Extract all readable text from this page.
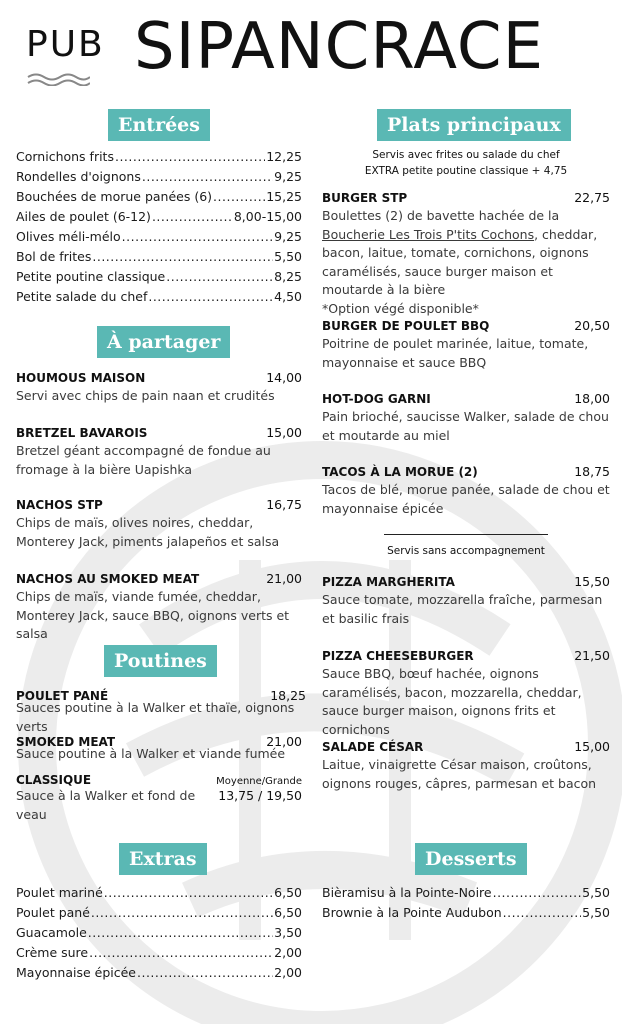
PUB SIPANCRACE
Entrées
Cornichons frits .....	12,25
Rondelles d'oignons .....	9,25
Bouchées de morue panées (6) .....	15,25
Ailes de poulet (6-12) .....	8,00-15,00
Olives méli-mélo .....	9,25
Bol de frites .....	5,50
Petite poutine classique .....	8,25
Petite salade du chef .....	4,50
À partager
HOUMOUS MAISON	14,00
Servi avec chips de pain naan et crudités
BRETZEL BAVAROIS	15,00
Bretzel géant accompagné de fondue au fromage à la bière Uapishka
NACHOS STP	16,75
Chips de maïs, olives noires, cheddar, Monterey Jack, piments jalapeños et salsa
NACHOS AU SMOKED MEAT	21,00
Chips de maïs, viande fumée, cheddar, Monterey Jack, sauce BBQ, oignons verts et salsa
Poutines
POULET PANÉ	18,25
Sauces poutine à la Walker et thaïe, oignons verts
SMOKED MEAT	21,00
Sauce poutine à la Walker et viande fumée
CLASSIQUE	Moyenne/Grande
Sauce à la Walker et fond de veau
13,75 / 19,50
Extras
Poulet mariné .....	6,50
Poulet pané .....	6,50
Guacamole .....	3,50
Crème sure .....	2,00
Mayonnaise épicée .....	2,00
Plats principaux
Servis avec frites ou salade du chef
EXTRA petite poutine classique + 4,75
BURGER STP	22,75
Boulettes (2) de bavette hachée de la Boucherie Les Trois P'tits Cochons, cheddar, bacon, laitue, tomate, cornichons, oignons caramélisés, sauce burger maison et moutarde à la bière
*Option végé disponible*
BURGER DE POULET BBQ	20,50
Poitrine de poulet marinée, laitue, tomate, mayonnaise et sauce BBQ
HOT-DOG GARNI	18,00
Pain brioché, saucisse Walker, salade de chou et moutarde au miel
TACOS À LA MORUE (2)	18,75
Tacos de blé, morue panée, salade de chou et mayonnaise épicée
Servis sans accompagnement
PIZZA MARGHERITA	15,50
Sauce tomate, mozzarella fraîche, parmesan et basilic frais
PIZZA CHEESEBURGER	21,50
Sauce BBQ, bœuf hachée, oignons caramélisés, bacon, mozzarella, cheddar, sauce burger maison, oignons frits et cornichons
SALADE CÉSAR	15,00
Laitue, vinaigrette César maison, croûtons, oignons rouges, câpres, parmesan et bacon
Desserts
Bièramisu à la Pointe-Noire .....	5,50
Brownie à la Pointe Audubon .....	5,50
